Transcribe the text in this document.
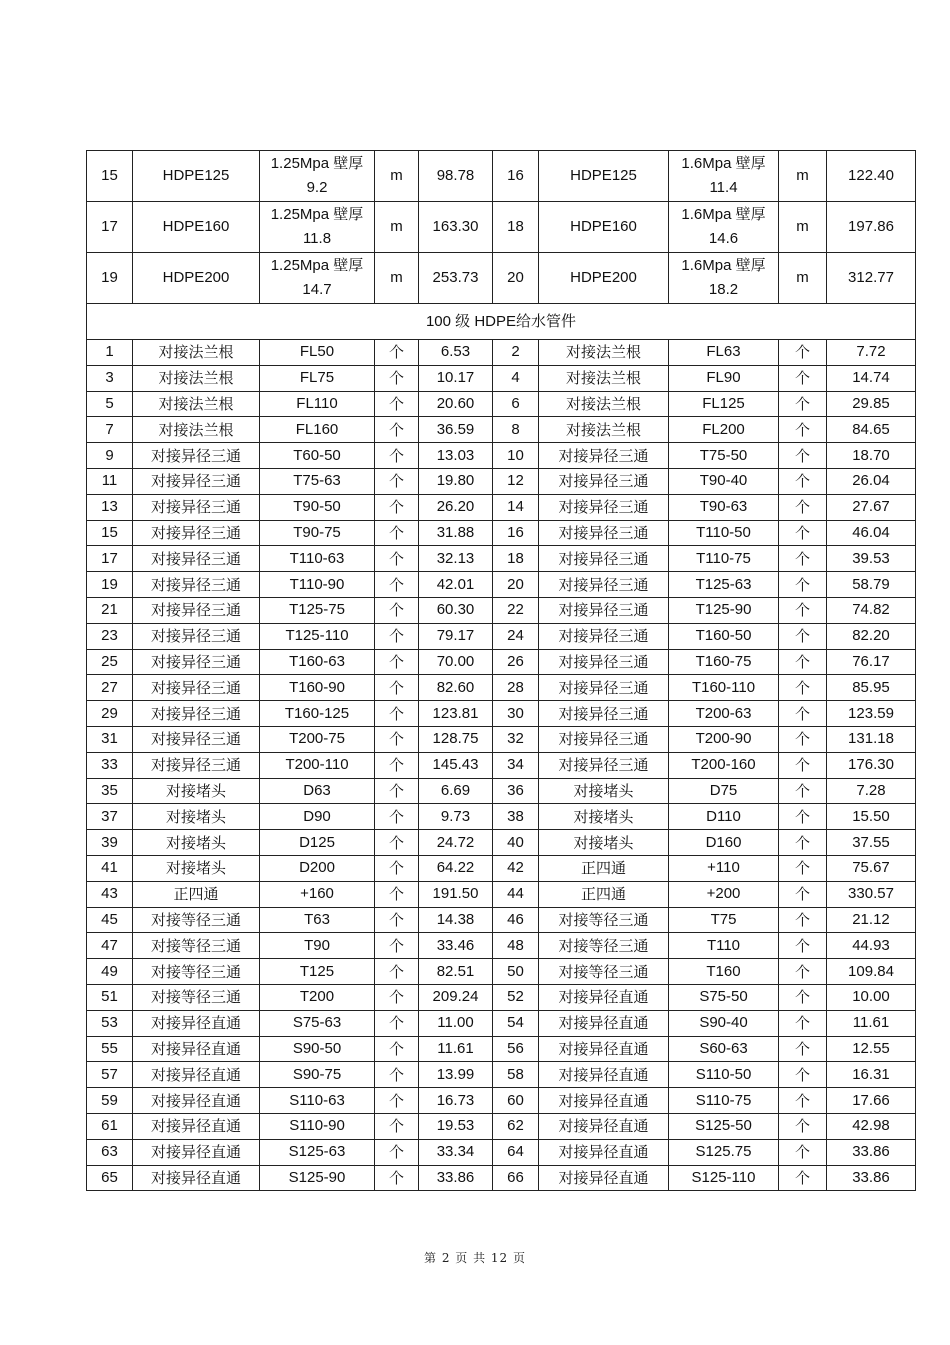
15	HDPE125	1.25Mpa 壁厚 9.2	m	98.78	16	HDPE125	1.6Mpa 壁厚 11.4	m	122.40
17	HDPE160	1.25Mpa 壁厚 11.8	m	163.30	18	HDPE160	1.6Mpa 壁厚 14.6	m	197.86
19	HDPE200	1.25Mpa 壁厚 14.7	m	253.73	20	HDPE200	1.6Mpa 壁厚 18.2	m	312.77
100 级 HDPE给水管件									
1	对接法兰根	FL50	个	6.53	2	对接法兰根	FL63	个	7.72
3	对接法兰根	FL75	个	10.17	4	对接法兰根	FL90	个	14.74
5	对接法兰根	FL110	个	20.60	6	对接法兰根	FL125	个	29.85
7	对接法兰根	FL160	个	36.59	8	对接法兰根	FL200	个	84.65
9	对接异径三通	T60-50	个	13.03	10	对接异径三通	T75-50	个	18.70
11	对接异径三通	T75-63	个	19.80	12	对接异径三通	T90-40	个	26.04
13	对接异径三通	T90-50	个	26.20	14	对接异径三通	T90-63	个	27.67
15	对接异径三通	T90-75	个	31.88	16	对接异径三通	T110-50	个	46.04
17	对接异径三通	T110-63	个	32.13	18	对接异径三通	T110-75	个	39.53
19	对接异径三通	T110-90	个	42.01	20	对接异径三通	T125-63	个	58.79
21	对接异径三通	T125-75	个	60.30	22	对接异径三通	T125-90	个	74.82
23	对接异径三通	T125-110	个	79.17	24	对接异径三通	T160-50	个	82.20
25	对接异径三通	T160-63	个	70.00	26	对接异径三通	T160-75	个	76.17
27	对接异径三通	T160-90	个	82.60	28	对接异径三通	T160-110	个	85.95
29	对接异径三通	T160-125	个	123.81	30	对接异径三通	T200-63	个	123.59
31	对接异径三通	T200-75	个	128.75	32	对接异径三通	T200-90	个	131.18
33	对接异径三通	T200-110	个	145.43	34	对接异径三通	T200-160	个	176.30
35	对接堵头	D63	个	6.69	36	对接堵头	D75	个	7.28
37	对接堵头	D90	个	9.73	38	对接堵头	D110	个	15.50
39	对接堵头	D125	个	24.72	40	对接堵头	D160	个	37.55
41	对接堵头	D200	个	64.22	42	正四通	+110	个	75.67
43	正四通	+160	个	191.50	44	正四通	+200	个	330.57
45	对接等径三通	T63	个	14.38	46	对接等径三通	T75	个	21.12
47	对接等径三通	T90	个	33.46	48	对接等径三通	T110	个	44.93
49	对接等径三通	T125	个	82.51	50	对接等径三通	T160	个	109.84
51	对接等径三通	T200	个	209.24	52	对接异径直通	S75-50	个	10.00
53	对接异径直通	S75-63	个	11.00	54	对接异径直通	S90-40	个	11.61
55	对接异径直通	S90-50	个	11.61	56	对接异径直通	S60-63	个	12.55
57	对接异径直通	S90-75	个	13.99	58	对接异径直通	S110-50	个	16.31
59	对接异径直通	S110-63	个	16.73	60	对接异径直通	S110-75	个	17.66
61	对接异径直通	S110-90	个	19.53	62	对接异径直通	S125-50	个	42.98
63	对接异径直通	S125-63	个	33.34	64	对接异径直通	S125.75	个	33.86
65	对接异径直通	S125-90	个	33.86	66	对接异径直通	S125-110	个	33.86
第 2 页 共 12 页
